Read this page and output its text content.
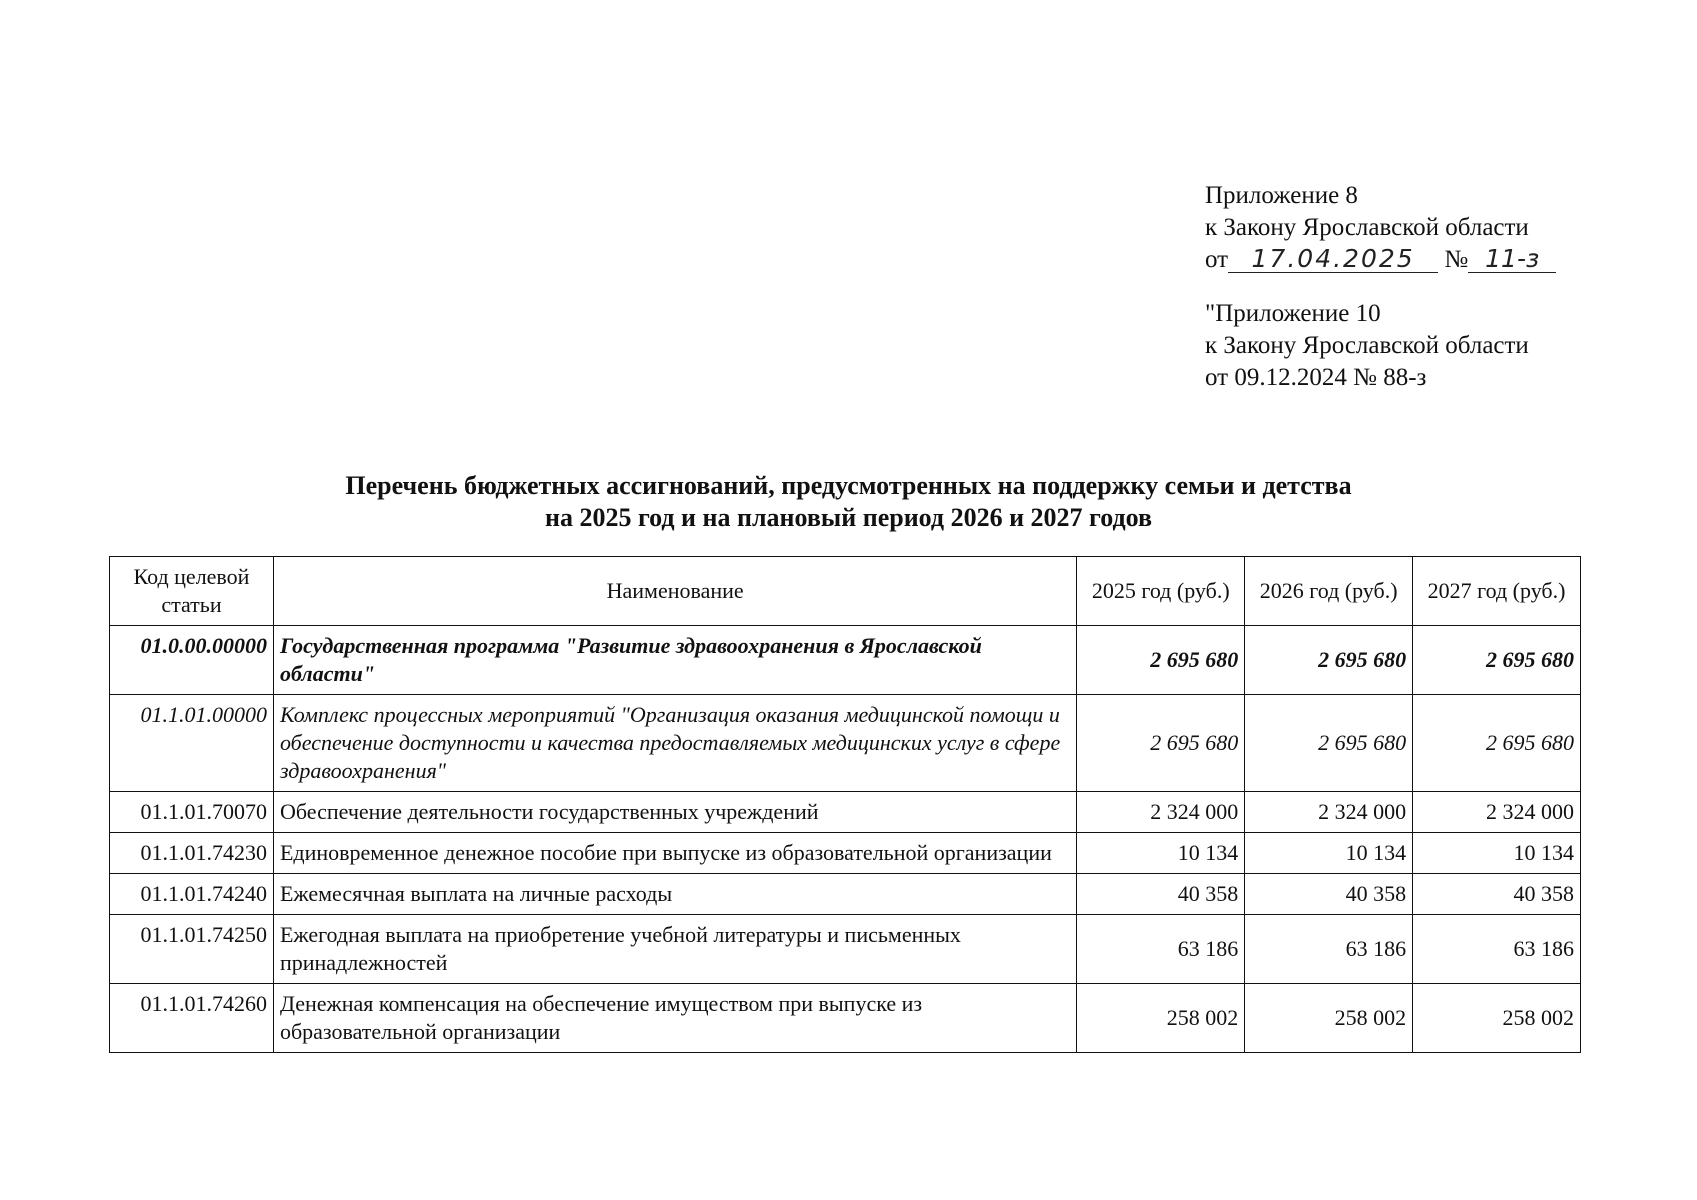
Приложение 8
к Закону Ярославской области
от 17.04.2025 № 11-з
"Приложение 10
к Закону Ярославской области
от 09.12.2024 № 88-з
Перечень бюджетных ассигнований, предусмотренных на поддержку семьи и детства
на 2025 год и на плановый период 2026 и 2027 годов
Код целевой статьи	Наименование	2025 год (руб.)	2026 год (руб.)	2027 год (руб.)
01.0.00.00000	Государственная программа "Развитие здравоохранения в Ярославской области"	2 695 680	2 695 680	2 695 680
01.1.01.00000	Комплекс процессных мероприятий "Организация оказания медицинской помощи и обеспечение доступности и качества предоставляемых медицинских услуг в сфере здравоохранения"	2 695 680	2 695 680	2 695 680
01.1.01.70070	Обеспечение деятельности государственных учреждений	2 324 000	2 324 000	2 324 000
01.1.01.74230	Единовременное денежное пособие при выпуске из образовательной организации	10 134	10 134	10 134
01.1.01.74240	Ежемесячная выплата на личные расходы	40 358	40 358	40 358
01.1.01.74250	Ежегодная выплата на приобретение учебной литературы и письменных принадлежностей	63 186	63 186	63 186
01.1.01.74260	Денежная компенсация на обеспечение имуществом при выпуске из образовательной организации	258 002	258 002	258 002
